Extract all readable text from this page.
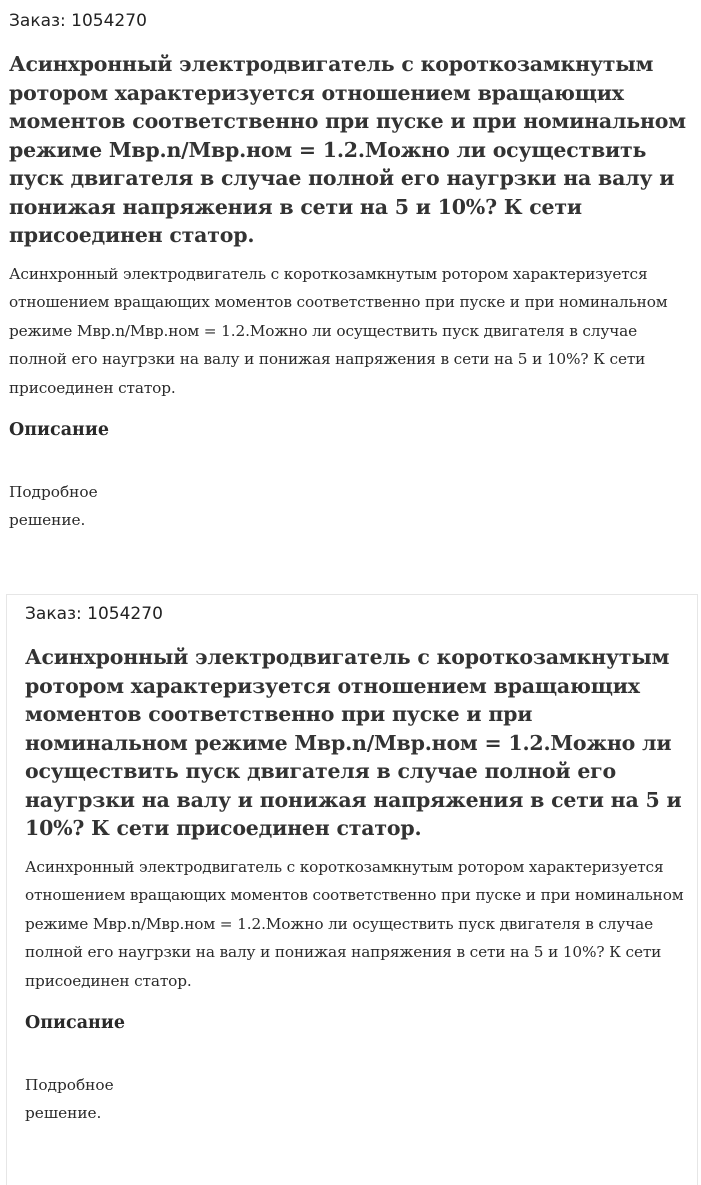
Заказ: 1054270
Асинхронный электродвигатель с короткозамкнутым ротором характеризуется отношением вращающих моментов соответственно при пуске и при номинальном режиме Мвр.n/Мвр.ном = 1.2.Можно ли осуществить пуск двигателя в случае полной его наугрзки на валу и понижая напряжения в сети на 5 и 10%? К сети присоединен статор.

Асинхронный электродвигатель с короткозамкнутым ротором характеризуется отношением вращающих моментов соответственно при пуске и при номинальном режиме Мвр.n/Мвр.ном = 1.2.Можно ли осуществить пуск двигателя в случае полной его наугрзки на валу и понижая напряжения в сети на 5 и 10%? К сети присоединен статор.

Описание
Подробное решение.
Заказ: 1054270
Асинхронный электродвигатель с короткозамкнутым ротором характеризуется отношением вращающих моментов соответственно при пуске и при номинальном режиме Мвр.n/Мвр.ном = 1.2.Можно ли осуществить пуск двигателя в случае полной его наугрзки на валу и понижая напряжения в сети на 5 и 10%? К сети присоединен статор.

Асинхронный электродвигатель с короткозамкнутым ротором характеризуется отношением вращающих моментов соответственно при пуске и при номинальном режиме Мвр.n/Мвр.ном = 1.2.Можно ли осуществить пуск двигателя в случае полной его наугрзки на валу и понижая напряжения в сети на 5 и 10%? К сети присоединен статор.

Описание
Подробное решение.
